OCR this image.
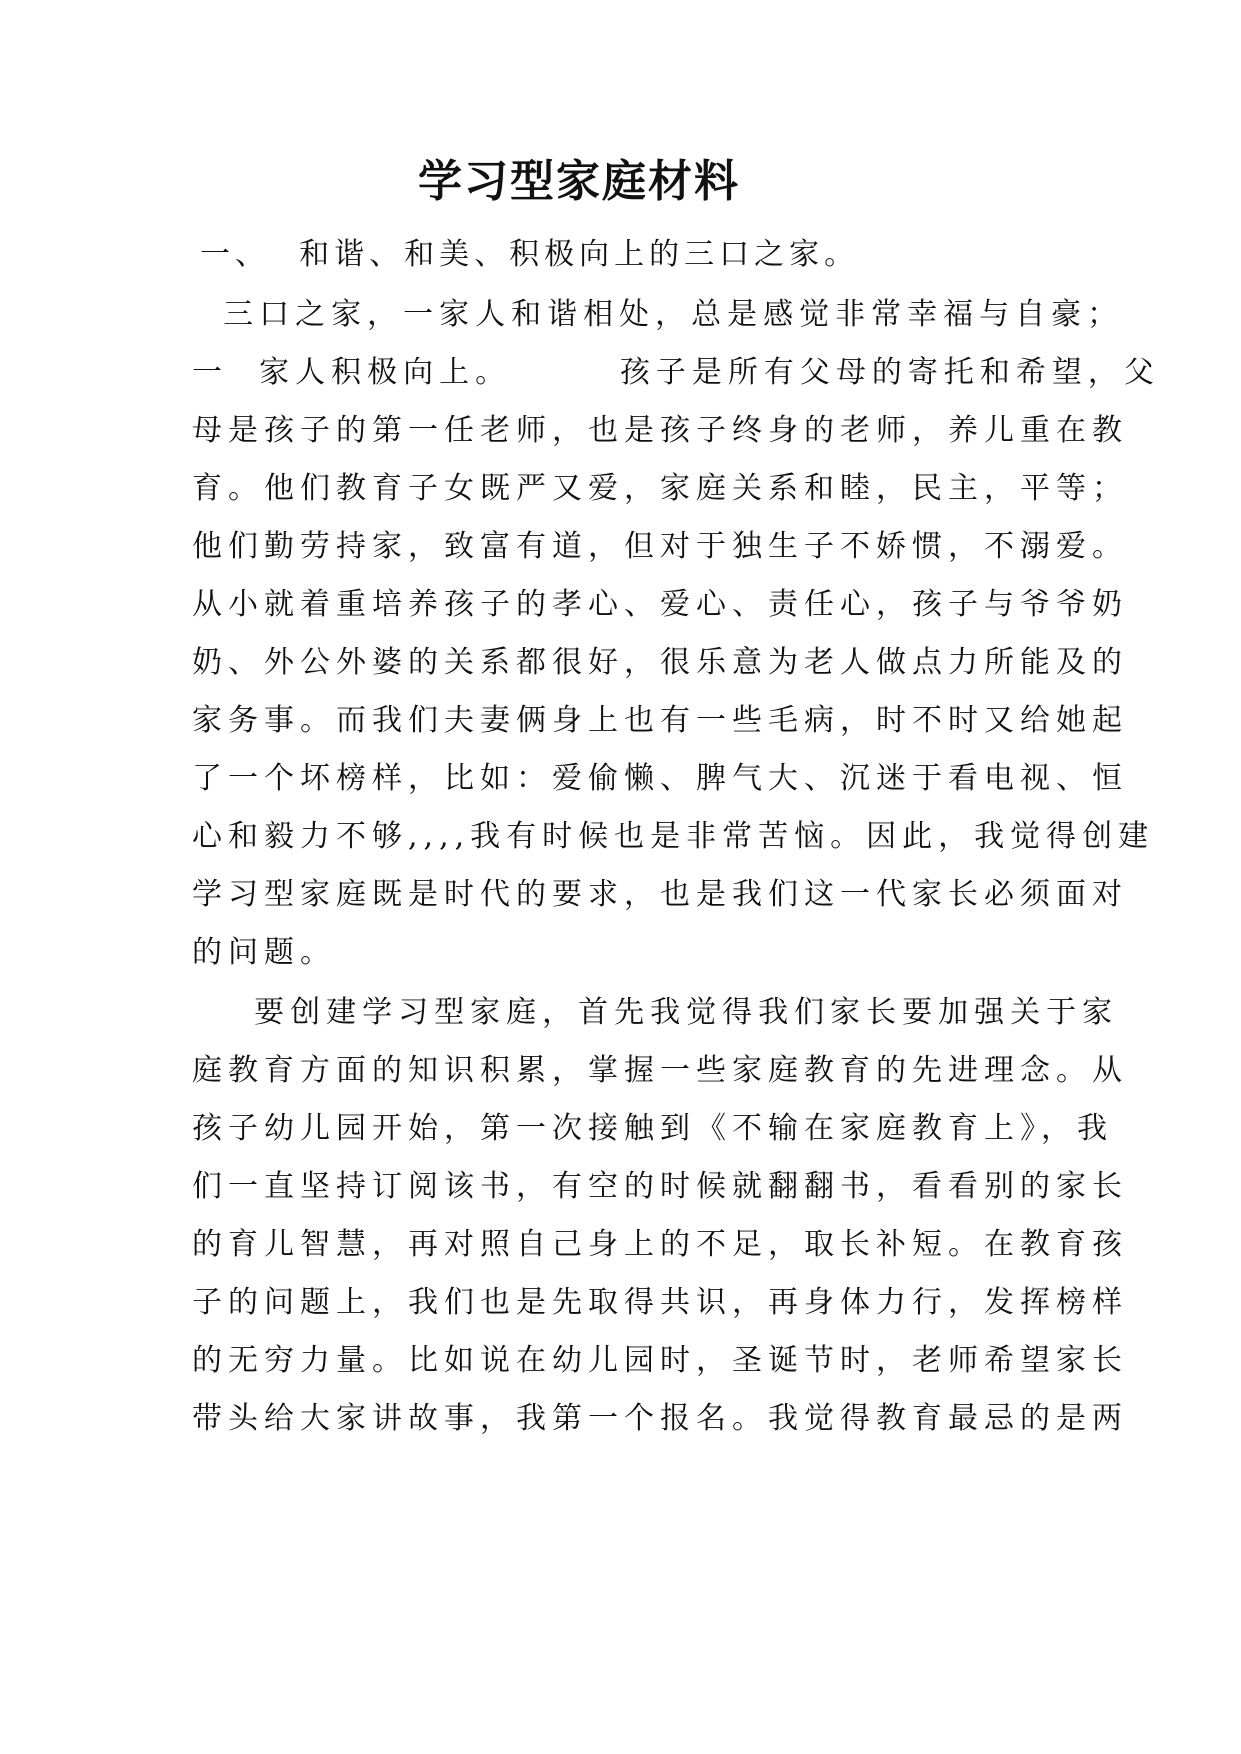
学习型家庭材料
一、  和谐、和美、积极向上的三口之家。
三口之家，一家人和谐相处，总是感觉非常幸福与自豪；
一  家人积极向上。       孩子是所有父母的寄托和希望，父
母是孩子的第一任老师，也是孩子终身的老师，养儿重在教
育。他们教育子女既严又爱，家庭关系和睦，民主，平等；
他们勤劳持家，致富有道，但对于独生子不娇惯，不溺爱。
从小就着重培养孩子的孝心、爱心、责任心，孩子与爷爷奶
奶、外公外婆的关系都很好，很乐意为老人做点力所能及的
家务事。而我们夫妻俩身上也有一些毛病，时不时又给她起
了一个坏榜样，比如：爱偷懒、脾气大、沉迷于看电视、恒
心和毅力不够,,,,我有时候也是非常苦恼。因此，我觉得创建
学习型家庭既是时代的要求，也是我们这一代家长必须面对
的问题。
要创建学习型家庭，首先我觉得我们家长要加强关于家
庭教育方面的知识积累，掌握一些家庭教育的先进理念。从
孩子幼儿园开始，第一次接触到《不输在家庭教育上》，我
们一直坚持订阅该书，有空的时候就翻翻书，看看别的家长
的育儿智慧，再对照自己身上的不足，取长补短。在教育孩
子的问题上，我们也是先取得共识，再身体力行，发挥榜样
的无穷力量。比如说在幼儿园时，圣诞节时，老师希望家长
带头给大家讲故事，我第一个报名。我觉得教育最忌的是两
